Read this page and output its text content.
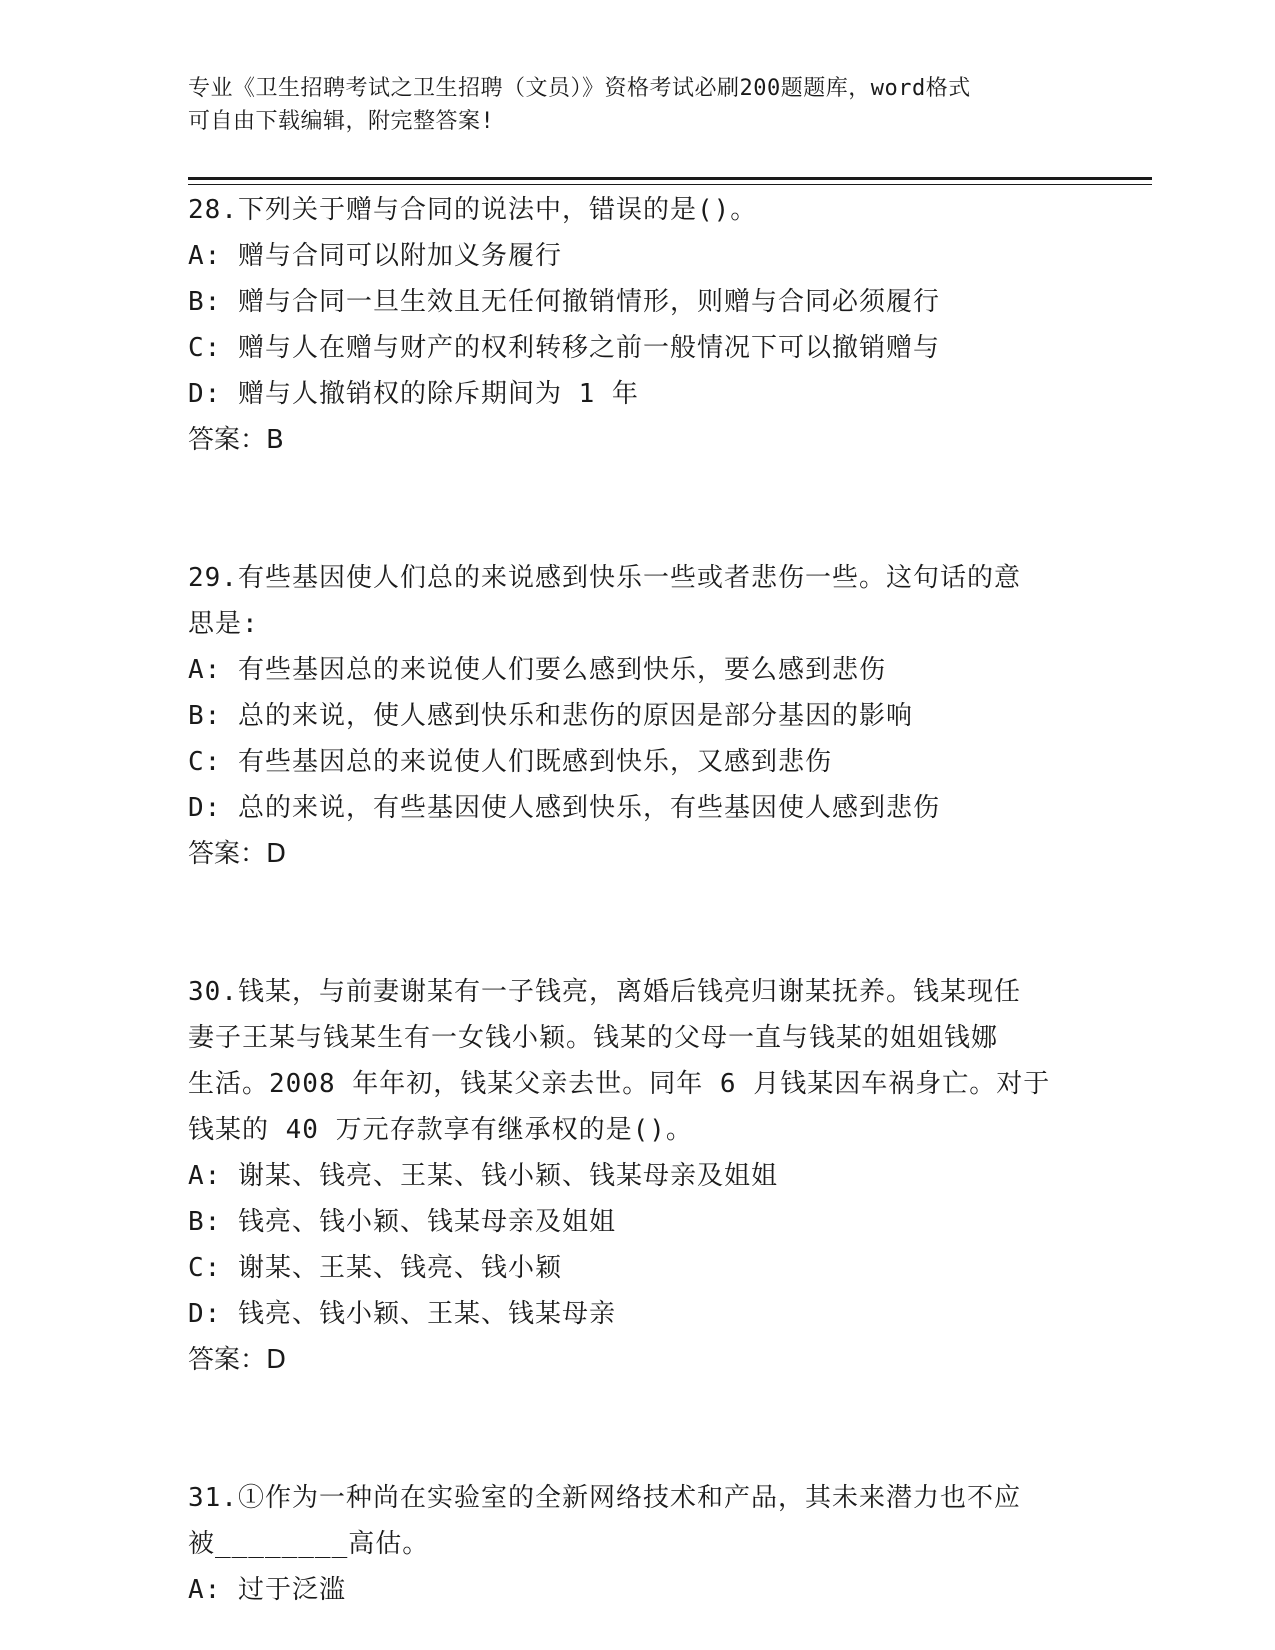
专业《卫生招聘考试之卫生招聘（文员）》资格考试必刷200题题库，word格式
可自由下载编辑，附完整答案!
28.下列关于赠与合同的说法中，错误的是()。
A: 赠与合同可以附加义务履行
B: 赠与合同一旦生效且无任何撤销情形，则赠与合同必须履行
C: 赠与人在赠与财产的权利转移之前一般情况下可以撤销赠与
D: 赠与人撤销权的除斥期间为 1 年
答案：B
29.有些基因使人们总的来说感到快乐一些或者悲伤一些。这句话的意
思是:
A: 有些基因总的来说使人们要么感到快乐，要么感到悲伤
B: 总的来说，使人感到快乐和悲伤的原因是部分基因的影响
C: 有些基因总的来说使人们既感到快乐，又感到悲伤
D: 总的来说，有些基因使人感到快乐，有些基因使人感到悲伤
答案：D
30.钱某，与前妻谢某有一子钱亮，离婚后钱亮归谢某抚养。钱某现任
妻子王某与钱某生有一女钱小颖。钱某的父母一直与钱某的姐姐钱娜
生活。2008 年年初，钱某父亲去世。同年 6 月钱某因车祸身亡。对于
钱某的 40 万元存款享有继承权的是()。
A: 谢某、钱亮、王某、钱小颖、钱某母亲及姐姐
B: 钱亮、钱小颖、钱某母亲及姐姐
C: 谢某、王某、钱亮、钱小颖
D: 钱亮、钱小颖、王某、钱某母亲
答案：D
31.①作为一种尚在实验室的全新网络技术和产品，其未来潜力也不应
被________高估。
A: 过于泛滥
